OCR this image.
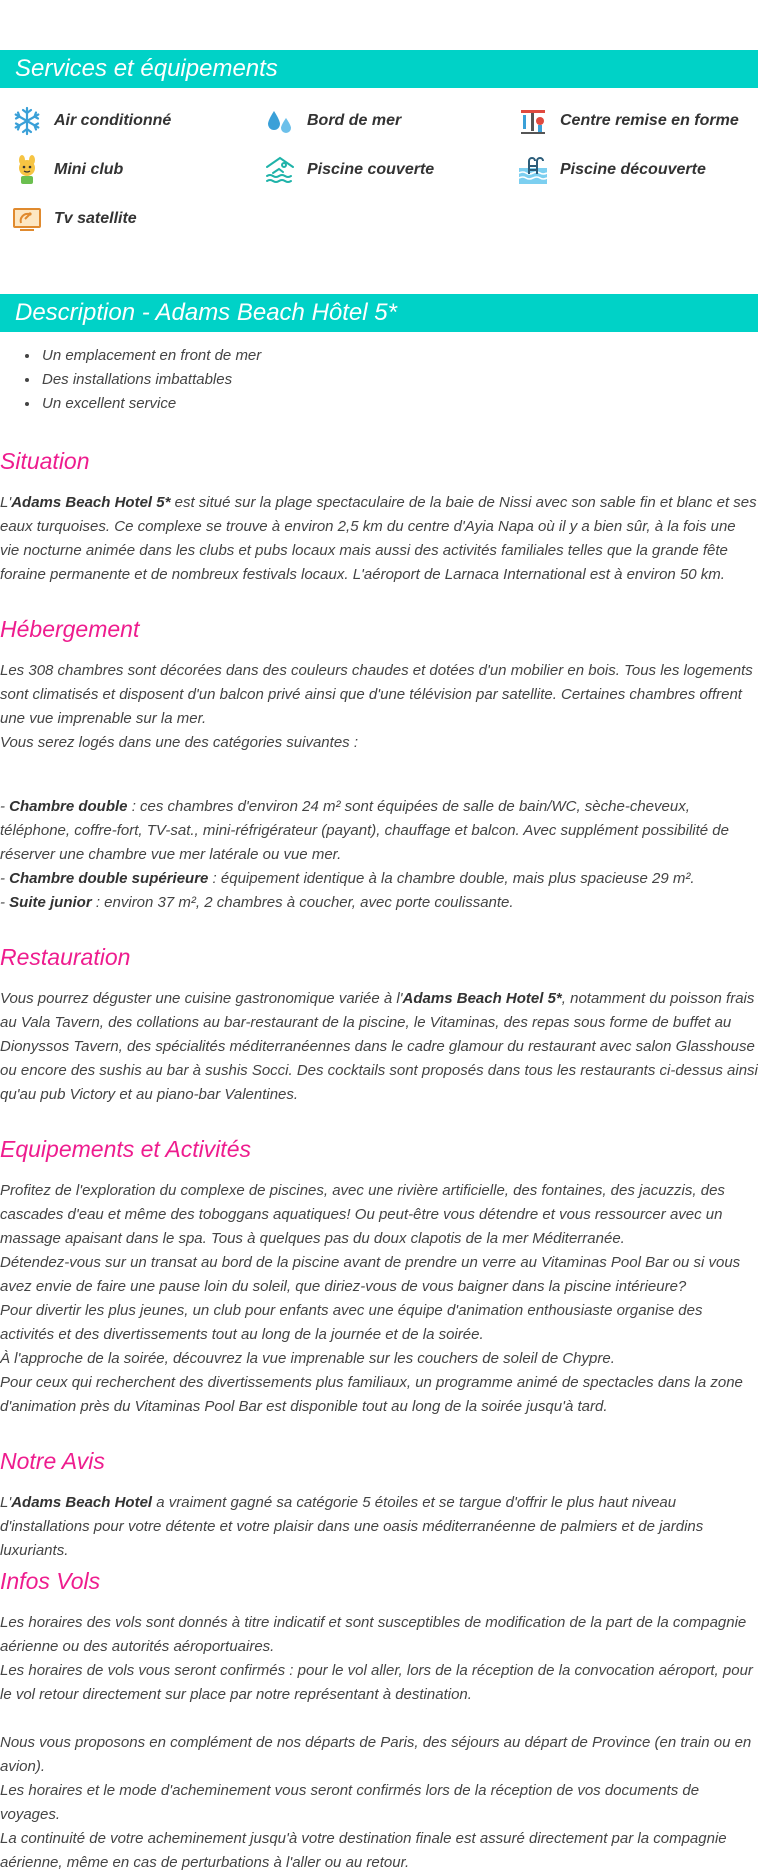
Services et équipements
Air conditionné	Bord de mer	Centre remise en forme
Mini club	Piscine couverte	Piscine découverte
Tv satellite
Description - Adams Beach Hôtel 5*
• Un emplacement en front de mer
• Des installations imbattables
• Un excellent service
Situation

L'Adams Beach Hotel 5* est situé sur la plage spectaculaire de la baie de Nissi avec son sable fin et blanc et ses eaux turquoises. Ce complexe se trouve à environ 2,5 km du centre d'Ayia Napa où il y a bien sûr, à la fois une vie nocturne animée dans les clubs et pubs locaux mais aussi des activités familiales telles que la grande fête foraine permanente et de nombreux festivals locaux. L'aéroport de Larnaca International est à environ 50 km.

Hébergement

Les 308 chambres sont décorées dans des couleurs chaudes et dotées d'un mobilier en bois. Tous les logements sont climatisés et disposent d'un balcon privé ainsi que d'une télévision par satellite. Certaines chambres offrent une vue imprenable sur la mer.
Vous serez logés dans une des catégories suivantes :

- Chambre double : ces chambres d'environ 24 m² sont équipées de salle de bain/WC, sèche-cheveux, téléphone, coffre-fort, TV-sat., mini-réfrigérateur (payant), chauffage et balcon. Avec supplément possibilité de réserver une chambre vue mer latérale ou vue mer.
- Chambre double supérieure : équipement identique à la chambre double, mais plus spacieuse 29 m².
- Suite junior : environ 37 m², 2 chambres à coucher, avec porte coulissante.

Restauration

Vous pourrez déguster une cuisine gastronomique variée à l'Adams Beach Hotel 5*, notamment du poisson frais au Vala Tavern, des collations au bar-restaurant de la piscine, le Vitaminas, des repas sous forme de buffet au Dionyssos Tavern, des spécialités méditerranéennes dans le cadre glamour du restaurant avec salon Glasshouse ou encore des sushis au bar à sushis Socci. Des cocktails sont proposés dans tous les restaurants ci-dessus ainsi qu'au pub Victory et au piano-bar Valentines.

Equipements et Activités

Profitez de l'exploration du complexe de piscines, avec une rivière artificielle, des fontaines, des jacuzzis, des cascades d'eau et même des toboggans aquatiques! Ou peut-être vous détendre et vous ressourcer avec un massage apaisant dans le spa. Tous à quelques pas du doux clapotis de la mer Méditerranée.
Détendez-vous sur un transat au bord de la piscine avant de prendre un verre au Vitaminas Pool Bar ou si vous avez envie de faire une pause loin du soleil, que diriez-vous de vous baigner dans la piscine intérieure?
Pour divertir les plus jeunes, un club pour enfants avec une équipe d'animation enthousiaste organise des activités et des divertissements tout au long de la journée et de la soirée.
À l'approche de la soirée, découvrez la vue imprenable sur les couchers de soleil de Chypre.
Pour ceux qui recherchent des divertissements plus familiaux, un programme animé de spectacles dans la zone d'animation près du Vitaminas Pool Bar est disponible tout au long de la soirée jusqu'à tard.

Notre Avis

L'Adams Beach Hotel a vraiment gagné sa catégorie 5 étoiles et se targue d'offrir le plus haut niveau d'installations pour votre détente et votre plaisir dans une oasis méditerranéenne de palmiers et de jardins luxuriants.

Infos Vols

Les horaires des vols sont donnés à titre indicatif et sont susceptibles de modification de la part de la compagnie aérienne ou des autorités aéroportuaires.
Les horaires de vols vous seront confirmés : pour le vol aller, lors de la réception de la convocation aéroport, pour le vol retour directement sur place par notre représentant à destination.

Nous vous proposons en complément de nos départs de Paris, des séjours au départ de Province (en train ou en avion).
Les horaires et le mode d'acheminement vous seront confirmés lors de la réception de vos documents de voyages.
La continuité de votre acheminement jusqu'à votre destination finale est assuré directement par la compagnie aérienne, même en cas de perturbations à l'aller ou au retour.
